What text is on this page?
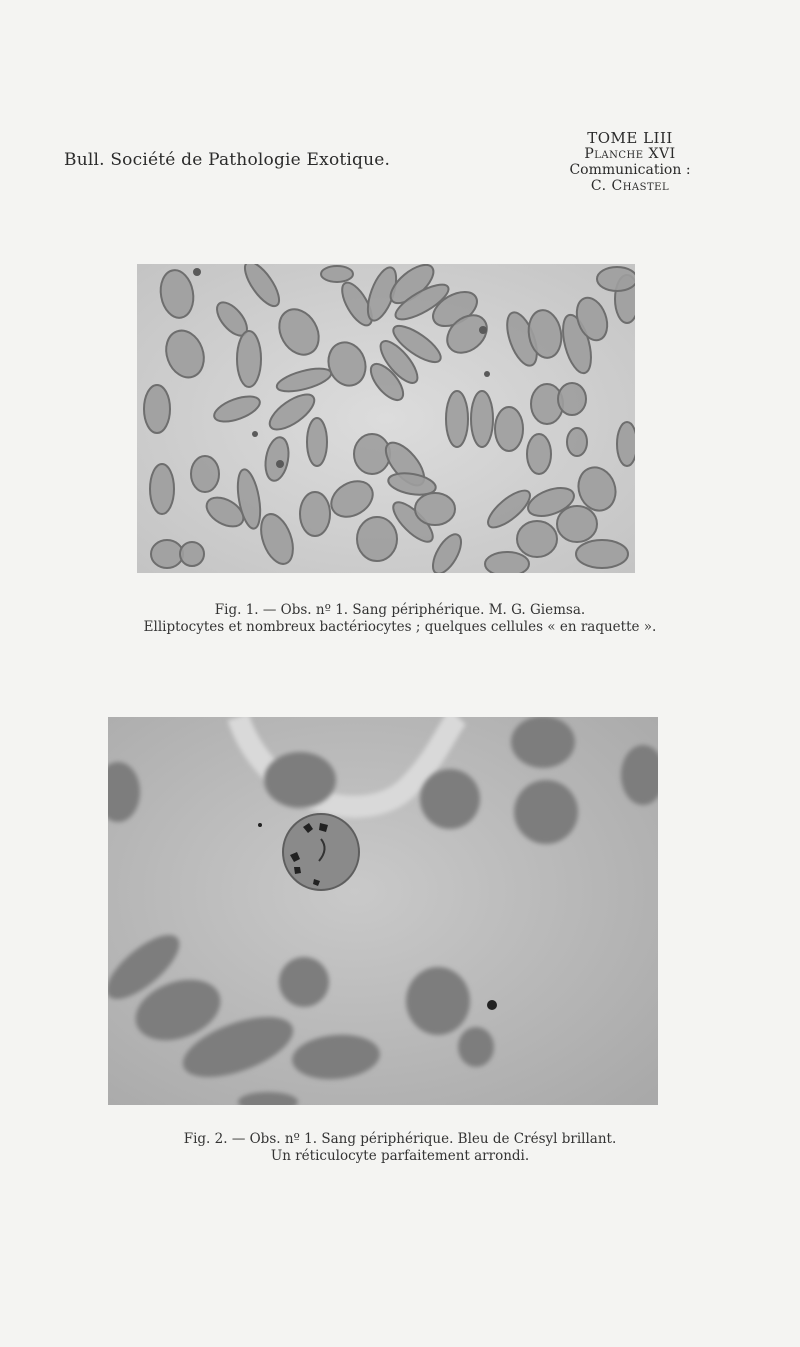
Bull. Société de Pathologie Exotique.
TOME LIII
Planche XVI
Communication :
C. Chastel
Fig. 1. — Obs. nº 1. Sang périphérique. M. G. Giemsa.
Elliptocytes et nombreux bactériocytes ; quelques cellules « en raquette ».
Fig. 2. — Obs. nº 1. Sang périphérique. Bleu de Crésyl brillant.
Un réticulocyte parfaitement arrondi.
